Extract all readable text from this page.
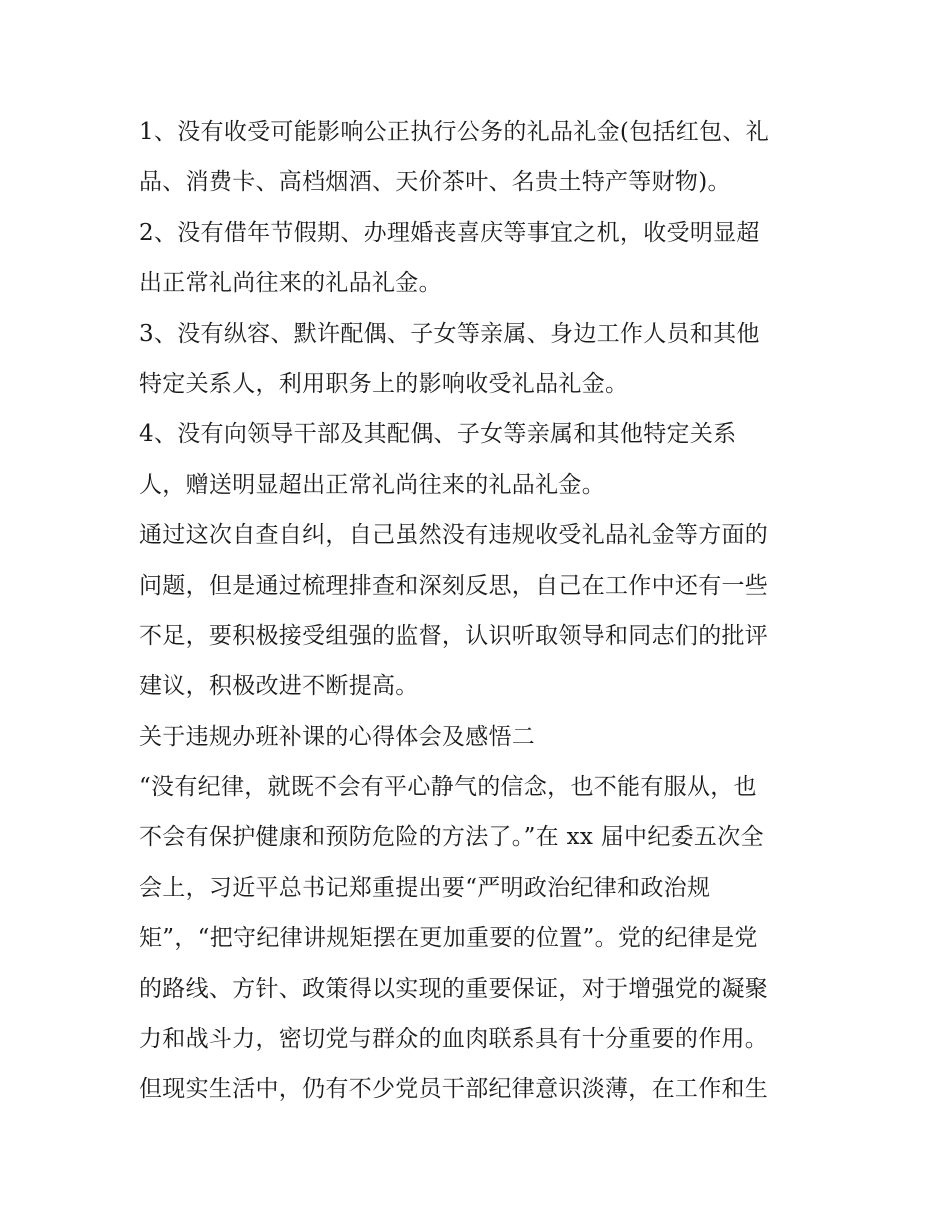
1、没有收受可能影响公正执行公务的礼品礼金(包括红包、礼
品、消费卡、高档烟酒、天价茶叶、名贵土特产等财物)。
2、没有借年节假期、办理婚丧喜庆等事宜之机，收受明显超
出正常礼尚往来的礼品礼金。
3、没有纵容、默许配偶、子女等亲属、身边工作人员和其他
特定关系人，利用职务上的影响收受礼品礼金。
4、没有向领导干部及其配偶、子女等亲属和其他特定关系
人，赠送明显超出正常礼尚往来的礼品礼金。
通过这次自查自纠，自己虽然没有违规收受礼品礼金等方面的
问题，但是通过梳理排查和深刻反思，自己在工作中还有一些
不足，要积极接受组强的监督，认识听取领导和同志们的批评
建议，积极改进不断提高。
关于违规办班补课的心得体会及感悟二
“没有纪律，就既不会有平心静气的信念，也不能有服从，也
不会有保护健康和预防危险的方法了。”在 xx 届中纪委五次全
会上，习近平总书记郑重提出要“严明政治纪律和政治规
矩”，“把守纪律讲规矩摆在更加重要的位置”。党的纪律是党
的路线、方针、政策得以实现的重要保证，对于增强党的凝聚
力和战斗力，密切党与群众的血肉联系具有十分重要的作用。
但现实生活中，仍有不少党员干部纪律意识淡薄，在工作和生
